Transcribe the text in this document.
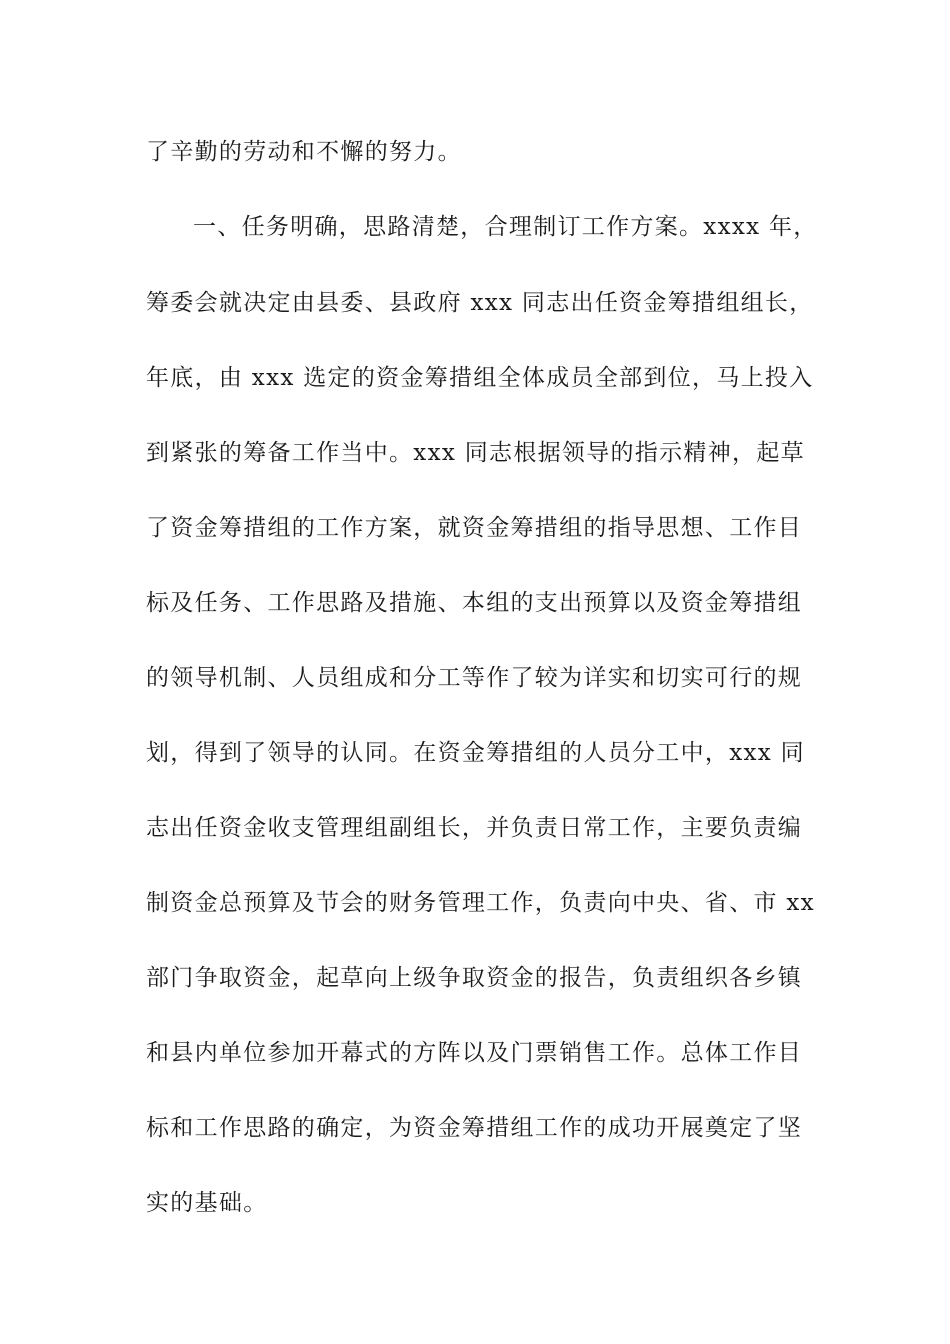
了辛勤的劳动和不懈的努力。
一、任务明确，思路清楚，合理制订工作方案。xxxx 年，
筹委会就决定由县委、县政府 xxx 同志出任资金筹措组组长，
年底，由 xxx 选定的资金筹措组全体成员全部到位，马上投入
到紧张的筹备工作当中。xxx 同志根据领导的指示精神，起草
了资金筹措组的工作方案，就资金筹措组的指导思想、工作目
标及任务、工作思路及措施、本组的支出预算以及资金筹措组
的领导机制、人员组成和分工等作了较为详实和切实可行的规
划，得到了领导的认同。在资金筹措组的人员分工中，xxx 同
志出任资金收支管理组副组长，并负责日常工作，主要负责编
制资金总预算及节会的财务管理工作，负责向中央、省、市 xx
部门争取资金，起草向上级争取资金的报告，负责组织各乡镇
和县内单位参加开幕式的方阵以及门票销售工作。总体工作目
标和工作思路的确定，为资金筹措组工作的成功开展奠定了坚
实的基础。
